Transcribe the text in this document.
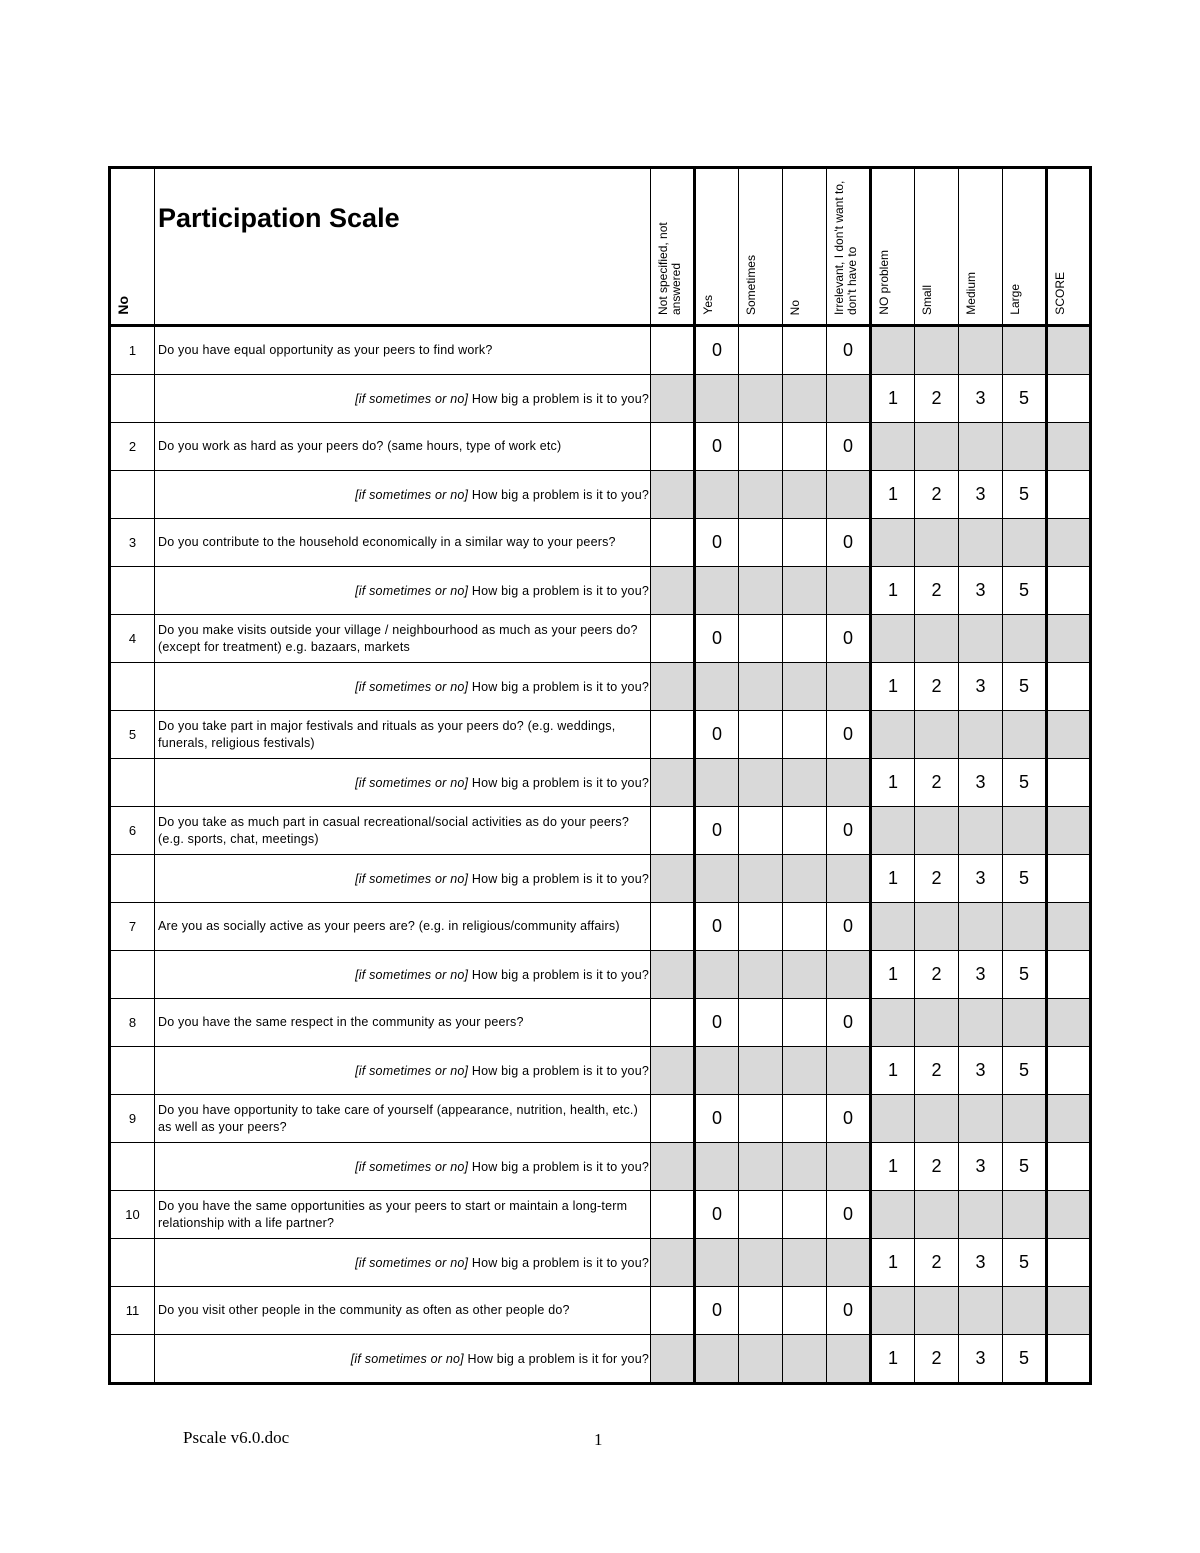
No	Participation Scale	Not specified, not answered	Yes	Sometimes	No	Irrelevant, I don't want to, don't have to	NO problem	Small	Medium	Large	SCORE
1	Do you have equal opportunity as your peers to find work?		0			0					
	[if sometimes or no] How big a problem is it to you?						1	2	3	5	
2	Do you work as hard as your peers do? (same hours, type of work etc)		0			0					
	[if sometimes or no] How big a problem is it to you?						1	2	3	5	
3	Do you contribute to the household economically in a similar way to your peers?		0			0					
	[if sometimes or no] How big a problem is it to you?						1	2	3	5	
4	Do you make visits outside your village / neighbourhood as much as your peers do? (except for treatment) e.g. bazaars, markets		0			0					
	[if sometimes or no] How big a problem is it to you?						1	2	3	5	
5	Do you take part in major festivals and rituals as your peers do? (e.g. weddings, funerals, religious festivals)		0			0					
	[if sometimes or no] How big a problem is it to you?						1	2	3	5	
6	Do you take as much part in casual recreational/social activities as do your peers? (e.g. sports, chat, meetings)		0			0					
	[if sometimes or no] How big a problem is it to you?						1	2	3	5	
7	Are you as socially active as your peers are? (e.g. in religious/community affairs)		0			0					
	[if sometimes or no] How big a problem is it to you?						1	2	3	5	
8	Do you have the same respect in the community as your peers?		0			0					
	[if sometimes or no] How big a problem is it to you?						1	2	3	5	
9	Do you have opportunity to take care of yourself (appearance, nutrition, health, etc.) as well as your peers?		0			0					
	[if sometimes or no] How big a problem is it to you?						1	2	3	5	
10	Do you have the same opportunities as your peers to start or maintain a long-term relationship with a life partner?		0			0					
	[if sometimes or no] How big a problem is it to you?						1	2	3	5	
11	Do you visit other people in the community as often as other people do?		0			0					
	[if sometimes or no] How big a problem is it for you?						1	2	3	5	
Pscale v6.0.doc	1
